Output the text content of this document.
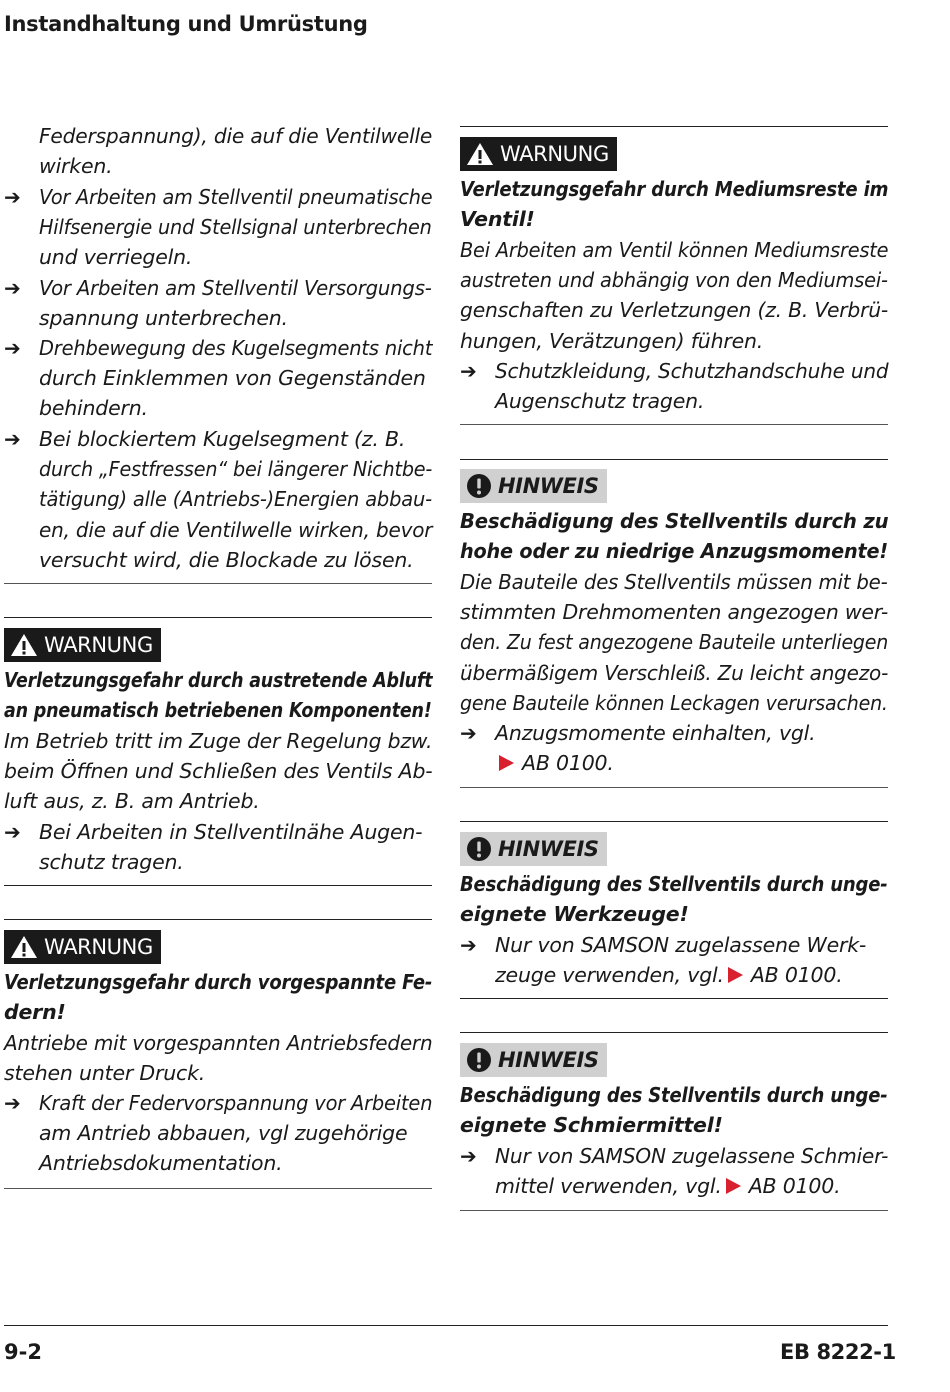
Instandhaltung und Umrüstung
Federspannung), die auf die Ventilwelle
wirken.
➔ Vor Arbeiten am Stellventil pneumatische
Hilfsenergie und Stellsignal unterbrechen
und verriegeln.
➔ Vor Arbeiten am Stellventil Versorgungs-
spannung unterbrechen.
➔ Drehbewegung des Kugelsegments nicht
durch Einklemmen von Gegenständen
behindern.
➔ Bei blockiertem Kugelsegment (z. B.
durch „Festfressen“ bei längerer Nichtbe-
tätigung) alle (Antriebs-)Energien abbau-
en, die auf die Ventilwelle wirken, bevor
versucht wird, die Blockade zu lösen.
WARNUNG
Verletzungsgefahr durch austretende Abluft
an pneumatisch betriebenen Komponenten!
Im Betrieb tritt im Zuge der Regelung bzw.
beim Öffnen und Schließen des Ventils Ab-
luft aus, z. B. am Antrieb.
➔ Bei Arbeiten in Stellventilnähe Augen-
schutz tragen.
WARNUNG
Verletzungsgefahr durch vorgespannte Fe-
dern!
Antriebe mit vorgespannten Antriebsfedern
stehen unter Druck.
➔ Kraft der Federvorspannung vor Arbeiten
am Antrieb abbauen, vgl zugehörige
Antriebsdokumentation.
WARNUNG
Verletzungsgefahr durch Mediumsreste im
Ventil!
Bei Arbeiten am Ventil können Mediumsreste
austreten und abhängig von den Mediumsei-
genschaften zu Verletzungen (z. B. Verbrü-
hungen, Verätzungen) führen.
➔ Schutzkleidung, Schutzhandschuhe und
Augenschutz tragen.
HINWEIS
Beschädigung des Stellventils durch zu
hohe oder zu niedrige Anzugsmomente!
Die Bauteile des Stellventils müssen mit be-
stimmten Drehmomenten angezogen wer-
den. Zu fest angezogene Bauteile unterliegen
übermäßigem Verschleiß. Zu leicht angezo-
gene Bauteile können Leckagen verursachen.
➔ Anzugsmomente einhalten, vgl.
AB 0100.
HINWEIS
Beschädigung des Stellventils durch unge-
eignete Werkzeuge!
➔ Nur von SAMSON zugelassene Werk-
zeuge verwenden, vgl. AB 0100.
HINWEIS
Beschädigung des Stellventils durch unge-
eignete Schmiermittel!
➔ Nur von SAMSON zugelassene Schmier-
mittel verwenden, vgl. AB 0100.
9-2	EB 8222-1
